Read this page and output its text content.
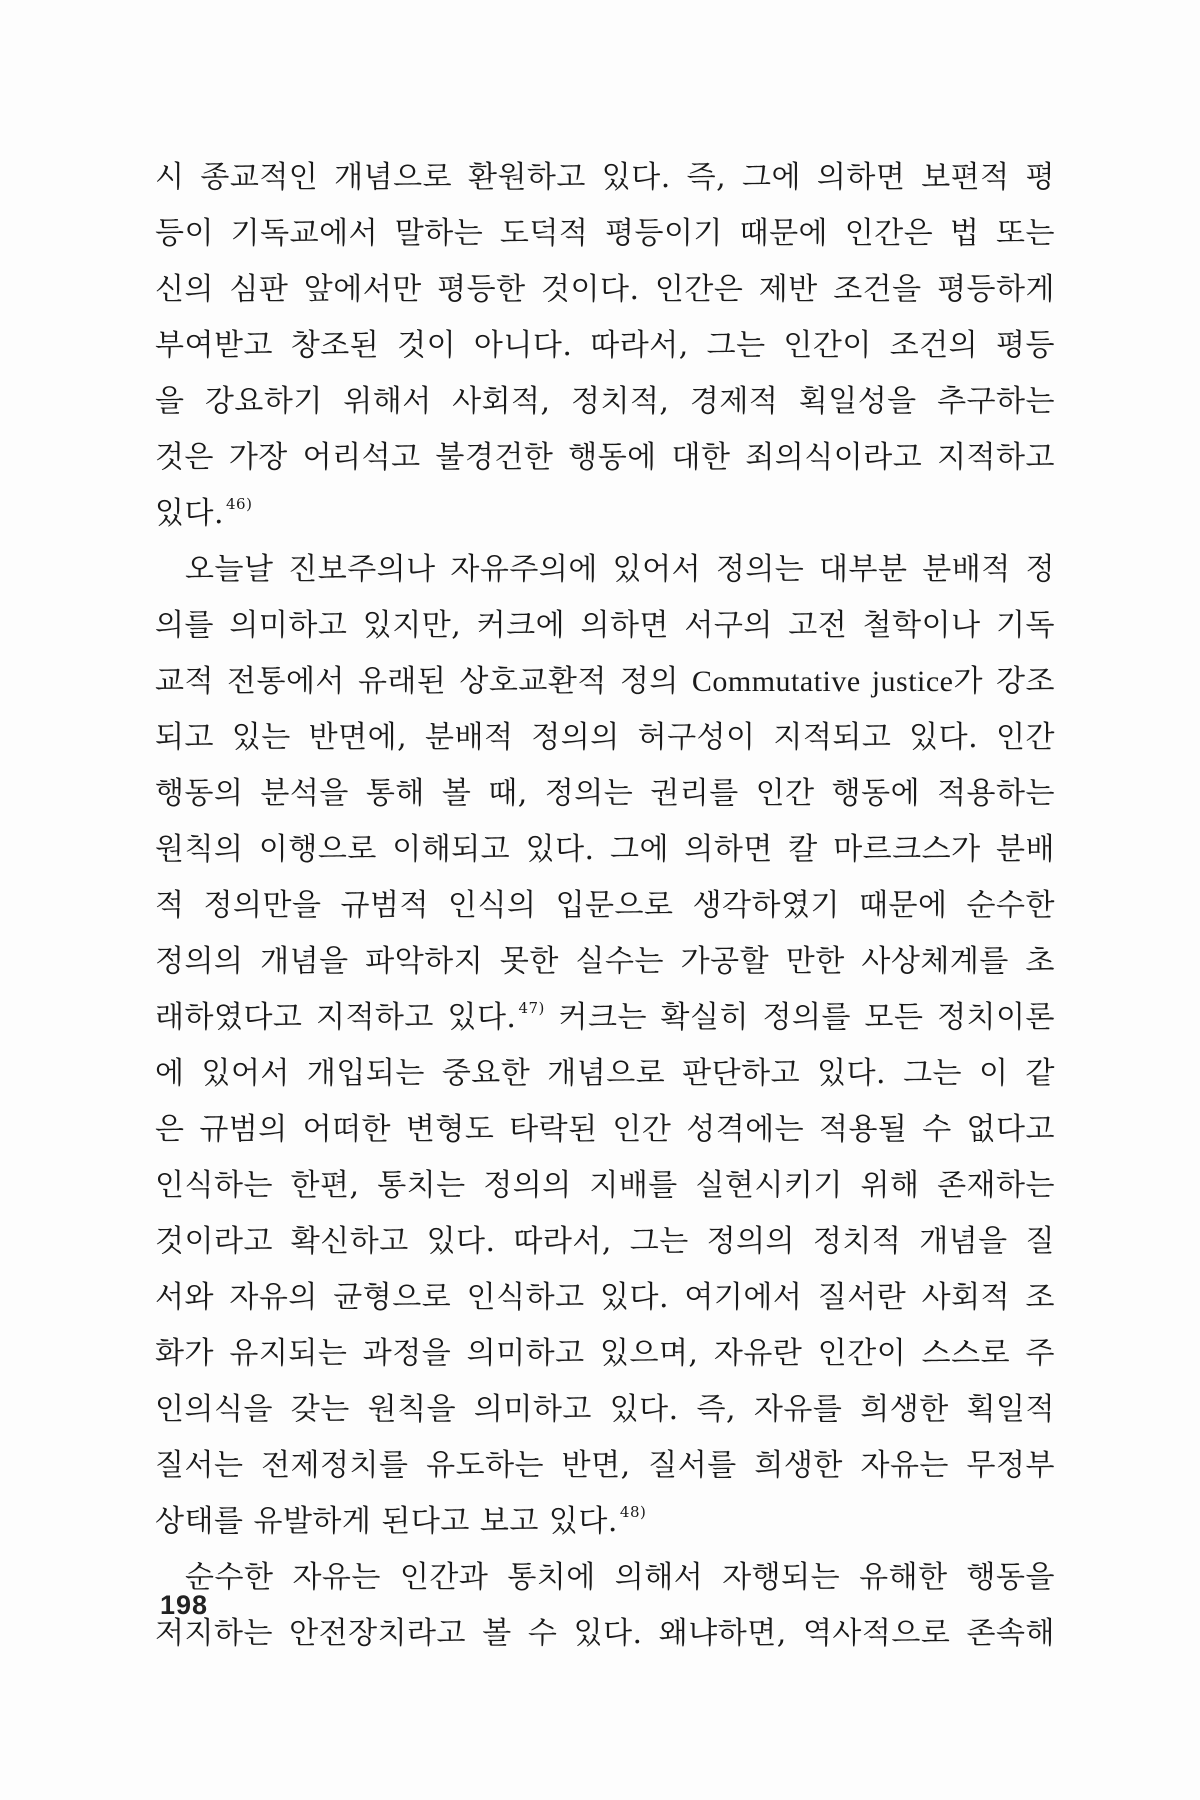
시 종교적인 개념으로 환원하고 있다. 즉, 그에 의하면 보편적 평
등이 기독교에서 말하는 도덕적 평등이기 때문에 인간은 법 또는
신의 심판 앞에서만 평등한 것이다. 인간은 제반 조건을 평등하게
부여받고 창조된 것이 아니다. 따라서, 그는 인간이 조건의 평등
을 강요하기 위해서 사회적, 정치적, 경제적 획일성을 추구하는
것은 가장 어리석고 불경건한 행동에 대한 죄의식이라고 지적하고
있다. $^{46)}$
오늘날 진보주의나 자유주의에 있어서 정의는 대부분 분배적 정
의를 의미하고 있지만, 커크에 의하면 서구의 고전 철학이나 기독
교적 전통에서 유래된 상호교환적 정의 Commutative justice가 강조
되고 있는 반면에, 분배적 정의의 허구성이 지적되고 있다. 인간
행동의 분석을 통해 볼 때, 정의는 권리를 인간 행동에 적용하는
원칙의 이행으로 이해되고 있다. 그에 의하면 칼 마르크스가 분배
적 정의만을 규범적 인식의 입문으로 생각하였기 때문에 순수한
정의의 개념을 파악하지 못한 실수는 가공할 만한 사상체계를 초
래하였다고 지적하고 있다. $^{47)}$ 커크는 확실히 정의를 모든 정치이론
에 있어서 개입되는 중요한 개념으로 판단하고 있다. 그는 이 같
은 규범의 어떠한 변형도 타락된 인간 성격에는 적용될 수 없다고
인식하는 한편, 통치는 정의의 지배를 실현시키기 위해 존재하는
것이라고 확신하고 있다. 따라서, 그는 정의의 정치적 개념을 질
서와 자유의 균형으로 인식하고 있다. 여기에서 질서란 사회적 조
화가 유지되는 과정을 의미하고 있으며, 자유란 인간이 스스로 주
인의식을 갖는 원칙을 의미하고 있다. 즉, 자유를 희생한 획일적
질서는 전제정치를 유도하는 반면, 질서를 희생한 자유는 무정부
상태를 유발하게 된다고 보고 있다. $^{48)}$
순수한 자유는 인간과 통치에 의해서 자행되는 유해한 행동을
저지하는 안전장치라고 볼 수 있다. 왜냐하면, 역사적으로 존속해
198
